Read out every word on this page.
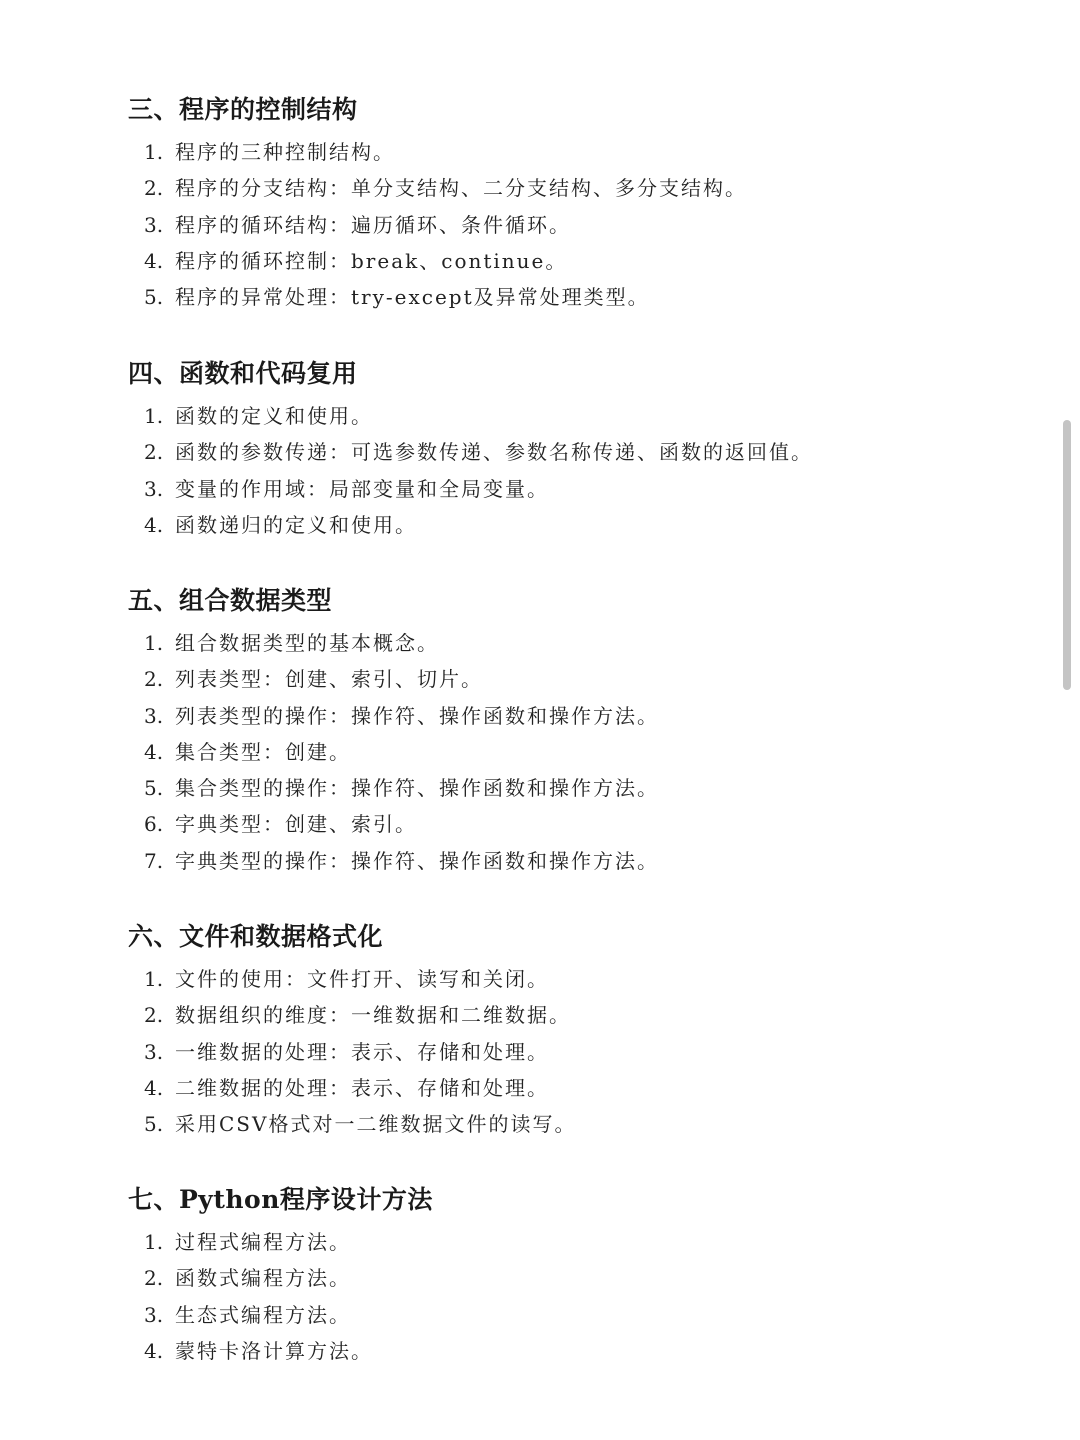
三、程序的控制结构
1. 程序的三种控制结构。
2. 程序的分支结构：单分支结构、二分支结构、多分支结构。
3. 程序的循环结构：遍历循环、条件循环。
4. 程序的循环控制：break、continue。
5. 程序的异常处理：try-except及异常处理类型。
四、函数和代码复用
1. 函数的定义和使用。
2. 函数的参数传递：可选参数传递、参数名称传递、函数的返回值。
3. 变量的作用域：局部变量和全局变量。
4. 函数递归的定义和使用。
五、组合数据类型
1. 组合数据类型的基本概念。
2. 列表类型：创建、索引、切片。
3. 列表类型的操作：操作符、操作函数和操作方法。
4. 集合类型：创建。
5. 集合类型的操作：操作符、操作函数和操作方法。
6. 字典类型：创建、索引。
7. 字典类型的操作：操作符、操作函数和操作方法。
六、文件和数据格式化
1. 文件的使用：文件打开、读写和关闭。
2. 数据组织的维度：一维数据和二维数据。
3. 一维数据的处理：表示、存储和处理。
4. 二维数据的处理：表示、存储和处理。
5. 采用CSV格式对一二维数据文件的读写。
七、Python程序设计方法
1. 过程式编程方法。
2. 函数式编程方法。
3. 生态式编程方法。
4. 蒙特卡洛计算方法。
